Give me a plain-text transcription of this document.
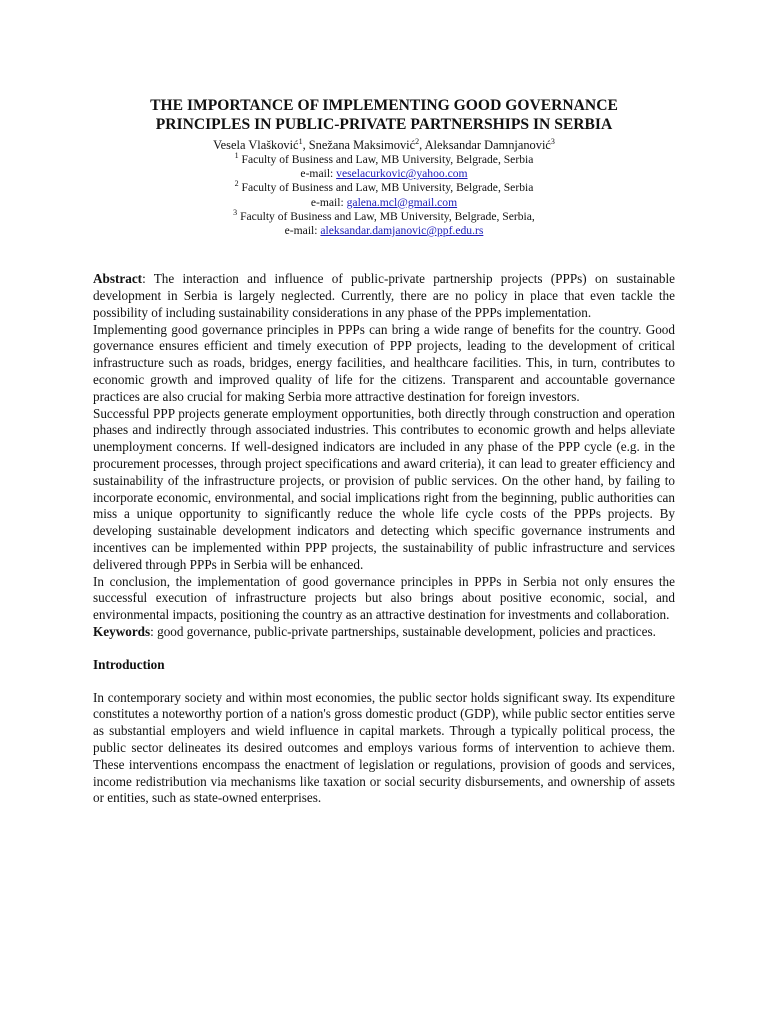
THE IMPORTANCE OF IMPLEMENTING GOOD GOVERNANCE
PRINCIPLES IN PUBLIC-PRIVATE PARTNERSHIPS IN SERBIA
Vesela Vlašković$^1$, Snežana Maksimović$^2$, Aleksandar Damnjanović$^3$
$^1$ Faculty of Business and Law, MB University, Belgrade, Serbia
e-mail: veselacurkovic@yahoo.com
$^2$ Faculty of Business and Law, MB University, Belgrade, Serbia
e-mail: galena.mcl@gmail.com
$^3$ Faculty of Business and Law, MB University, Belgrade, Serbia,
e-mail: aleksandar.damjanovic@ppf.edu.rs

Abstract: The interaction and influence of public-private partnership projects (PPPs) on sustainable development in Serbia is largely neglected. Currently, there are no policy in place that even tackle the possibility of including sustainability considerations in any phase of the PPPs implementation.

Implementing good governance principles in PPPs can bring a wide range of benefits for the country. Good governance ensures efficient and timely execution of PPP projects, leading to the development of critical infrastructure such as roads, bridges, energy facilities, and healthcare facilities. This, in turn, contributes to economic growth and improved quality of life for the citizens. Transparent and accountable governance practices are also crucial for making Serbia more attractive destination for foreign investors.

Successful PPP projects generate employment opportunities, both directly through construction and operation phases and indirectly through associated industries. This contributes to economic growth and helps alleviate unemployment concerns. If well-designed indicators are included in any phase of the PPP cycle (e.g. in the procurement processes, through project specifications and award criteria), it can lead to greater efficiency and sustainability of the infrastructure projects, or provision of public services. On the other hand, by failing to incorporate economic, environmental, and social implications right from the beginning, public authorities can miss a unique opportunity to significantly reduce the whole life cycle costs of the PPPs projects. By developing sustainable development indicators and detecting which specific governance instruments and incentives can be implemented within PPP projects, the sustainability of public infrastructure and services delivered through PPPs in Serbia will be enhanced.

In conclusion, the implementation of good governance principles in PPPs in Serbia not only ensures the successful execution of infrastructure projects but also brings about positive economic, social, and environmental impacts, positioning the country as an attractive destination for investments and collaboration.

Keywords: good governance, public-private partnerships, sustainable development, policies and practices.

Introduction

In contemporary society and within most economies, the public sector holds significant sway. Its expenditure constitutes a noteworthy portion of a nation's gross domestic product (GDP), while public sector entities serve as substantial employers and wield influence in capital markets. Through a typically political process, the public sector delineates its desired outcomes and employs various forms of intervention to achieve them. These interventions encompass the enactment of legislation or regulations, provision of goods and services, income redistribution via mechanisms like taxation or social security disbursements, and ownership of assets or entities, such as state-owned enterprises.
